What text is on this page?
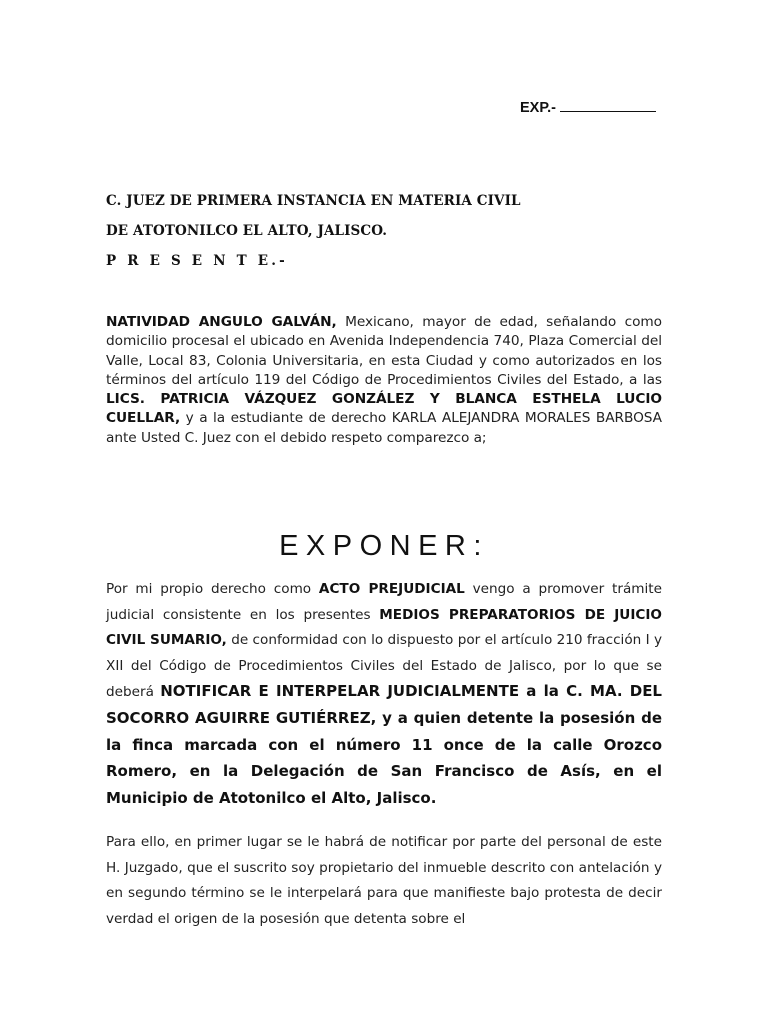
EXP.-
C. JUEZ DE PRIMERA INSTANCIA EN MATERIA CIVIL
DE ATOTONILCO EL ALTO, JALISCO.
P R E S E N T E.-
NATIVIDAD ANGULO GALVÁN, Mexicano, mayor de edad, señalando como domicilio procesal el ubicado en Avenida Independencia 740, Plaza Comercial del Valle, Local 83, Colonia Universitaria, en esta Ciudad y como autorizados en los términos del artículo 119 del Código de Procedimientos Civiles del Estado, a las LICS. PATRICIA VÁZQUEZ GONZÁLEZ Y BLANCA ESTHELA LUCIO CUELLAR, y a la estudiante de derecho KARLA ALEJANDRA MORALES BARBOSA ante Usted C. Juez con el debido respeto comparezco a;
EXPONER:
Por mi propio derecho como ACTO PREJUDICIAL vengo a promover trámite judicial consistente en los presentes MEDIOS PREPARATORIOS DE JUICIO CIVIL SUMARIO, de conformidad con lo dispuesto por el artículo 210 fracción I y XII del Código de Procedimientos Civiles del Estado de Jalisco, por lo que se deberá NOTIFICAR E INTERPELAR JUDICIALMENTE a la C. MA. DEL SOCORRO AGUIRRE GUTIÉRREZ, y a quien detente la posesión de la finca marcada con el número 11 once de la calle Orozco Romero, en la Delegación de San Francisco de Asís, en el Municipio de Atotonilco el Alto, Jalisco.
Para ello, en primer lugar se le habrá de notificar por parte del personal de este H. Juzgado, que el suscrito soy propietario del inmueble descrito con antelación y en segundo término se le interpelará para que manifieste bajo protesta de decir verdad el origen de la posesión que detenta sobre el
